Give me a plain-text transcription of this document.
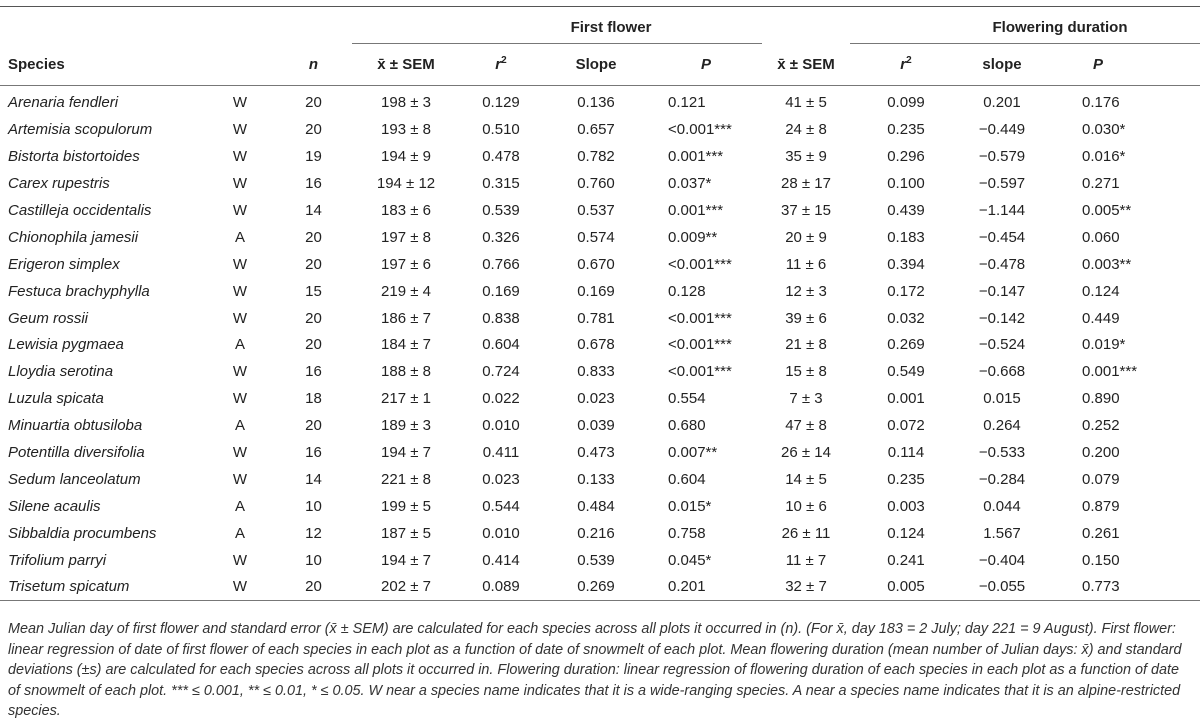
				First flower				Flowering duration			

Species		n	x̄ ± SEM	$r^2$	Slope	P	x̄ ± SEM	$r^2$	slope	P	
Arenaria fendleri	W	20	198 ± 3	0.129	0.136	0.121	41 ± 5	0.099	0.201	0.176	
Artemisia scopulorum	W	20	193 ± 8	0.510	0.657	<0.001***	24 ± 8	0.235	−0.449	0.030*	
Bistorta bistortoides	W	19	194 ± 9	0.478	0.782	0.001***	35 ± 9	0.296	−0.579	0.016*	
Carex rupestris	W	16	194 ± 12	0.315	0.760	0.037*	28 ± 17	0.100	−0.597	0.271	
Castilleja occidentalis	W	14	183 ± 6	0.539	0.537	0.001***	37 ± 15	0.439	−1.144	0.005**	
Chionophila jamesii	A	20	197 ± 8	0.326	0.574	0.009**	20 ± 9	0.183	−0.454	0.060	
Erigeron simplex	W	20	197 ± 6	0.766	0.670	<0.001***	11 ± 6	0.394	−0.478	0.003**	
Festuca brachyphylla	W	15	219 ± 4	0.169	0.169	0.128	12 ± 3	0.172	−0.147	0.124	
Geum rossii	W	20	186 ± 7	0.838	0.781	<0.001***	39 ± 6	0.032	−0.142	0.449	
Lewisia pygmaea	A	20	184 ± 7	0.604	0.678	<0.001***	21 ± 8	0.269	−0.524	0.019*	
Lloydia serotina	W	16	188 ± 8	0.724	0.833	<0.001***	15 ± 8	0.549	−0.668	0.001***	
Luzula spicata	W	18	217 ± 1	0.022	0.023	0.554	7 ± 3	0.001	0.015	0.890	
Minuartia obtusiloba	A	20	189 ± 3	0.010	0.039	0.680	47 ± 8	0.072	0.264	0.252	
Potentilla diversifolia	W	16	194 ± 7	0.411	0.473	0.007**	26 ± 14	0.114	−0.533	0.200	
Sedum lanceolatum	W	14	221 ± 8	0.023	0.133	0.604	14 ± 5	0.235	−0.284	0.079	
Silene acaulis	A	10	199 ± 5	0.544	0.484	0.015*	10 ± 6	0.003	0.044	0.879	
Sibbaldia procumbens	A	12	187 ± 5	0.010	0.216	0.758	26 ± 11	0.124	1.567	0.261	
Trifolium parryi	W	10	194 ± 7	0.414	0.539	0.045*	11 ± 7	0.241	−0.404	0.150	
Trisetum spicatum	W	20	202 ± 7	0.089	0.269	0.201	32 ± 7	0.005	−0.055	0.773	
Mean Julian day of first flower and standard error (x̄ ± SEM) are calculated for each species across all plots it occurred in (n). (For x̄, day 183 = 2 July; day 221 = 9 August). First flower: linear regression of date of first flower of each species in each plot as a function of date of snowmelt of each plot. Mean flowering duration (mean number of Julian days: x̄) and standard deviations (±s) are calculated for each species across all plots it occurred in. Flowering duration: linear regression of flowering duration of each species in each plot as a function of date of snowmelt of each plot. *** ≤ 0.001, ** ≤ 0.01, * ≤ 0.05. W near a species name indicates that it is a wide-ranging species. A near a species name indicates that it is an alpine-restricted species.
